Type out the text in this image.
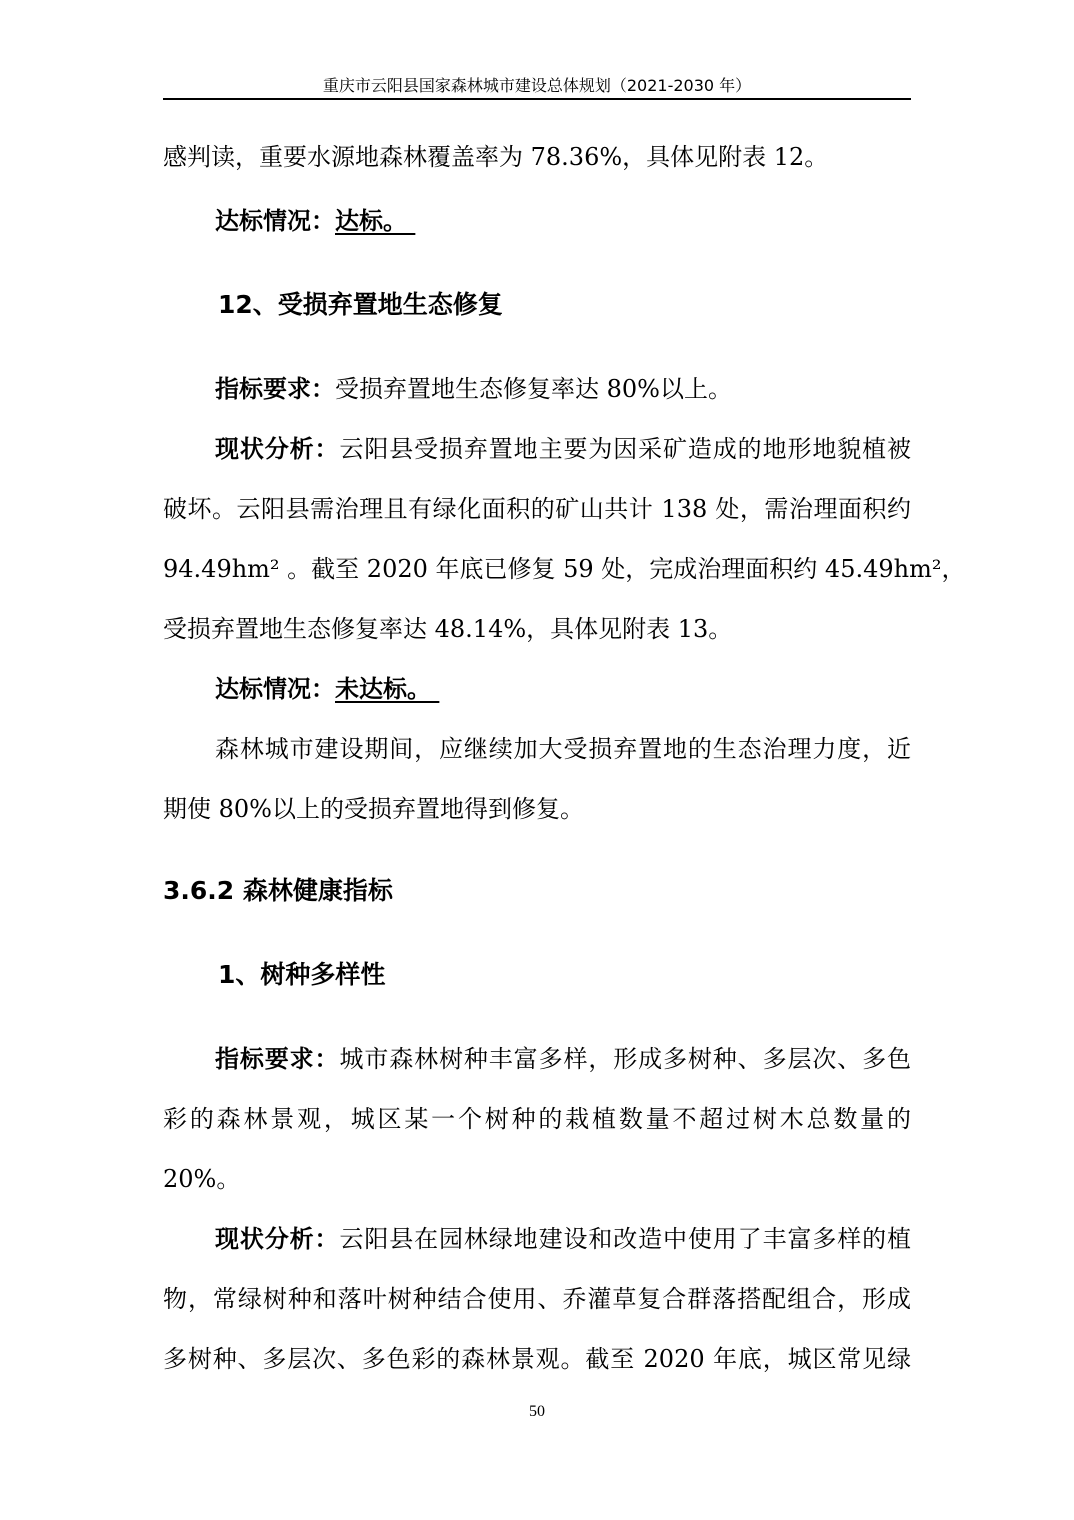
重庆市云阳县国家森林城市建设总体规划（2021-2030 年）
感判读，重要水源地森林覆盖率为 78.36%，具体见附表 12。
达标情况：达标。
12、受损弃置地生态修复
指标要求：受损弃置地生态修复率达 80%以上。
现状分析：云阳县受损弃置地主要为因采矿造成的地形地貌植被
破坏。云阳县需治理且有绿化面积的矿山共计 138 处，需治理面积约
94.49hm² 。截至 2020 年底已修复 59 处，完成治理面积约 45.49hm²，
受损弃置地生态修复率达 48.14%，具体见附表 13。
达标情况：未达标。
森林城市建设期间，应继续加大受损弃置地的生态治理力度，近
期使 80%以上的受损弃置地得到修复。
3.6.2 森林健康指标
1、树种多样性
指标要求：城市森林树种丰富多样，形成多树种、多层次、多色
彩的森林景观，城区某一个树种的栽植数量不超过树木总数量的
20%。
现状分析：云阳县在园林绿地建设和改造中使用了丰富多样的植
物，常绿树种和落叶树种结合使用、乔灌草复合群落搭配组合，形成
多树种、多层次、多色彩的森林景观。截至 2020 年底，城区常见绿
50
